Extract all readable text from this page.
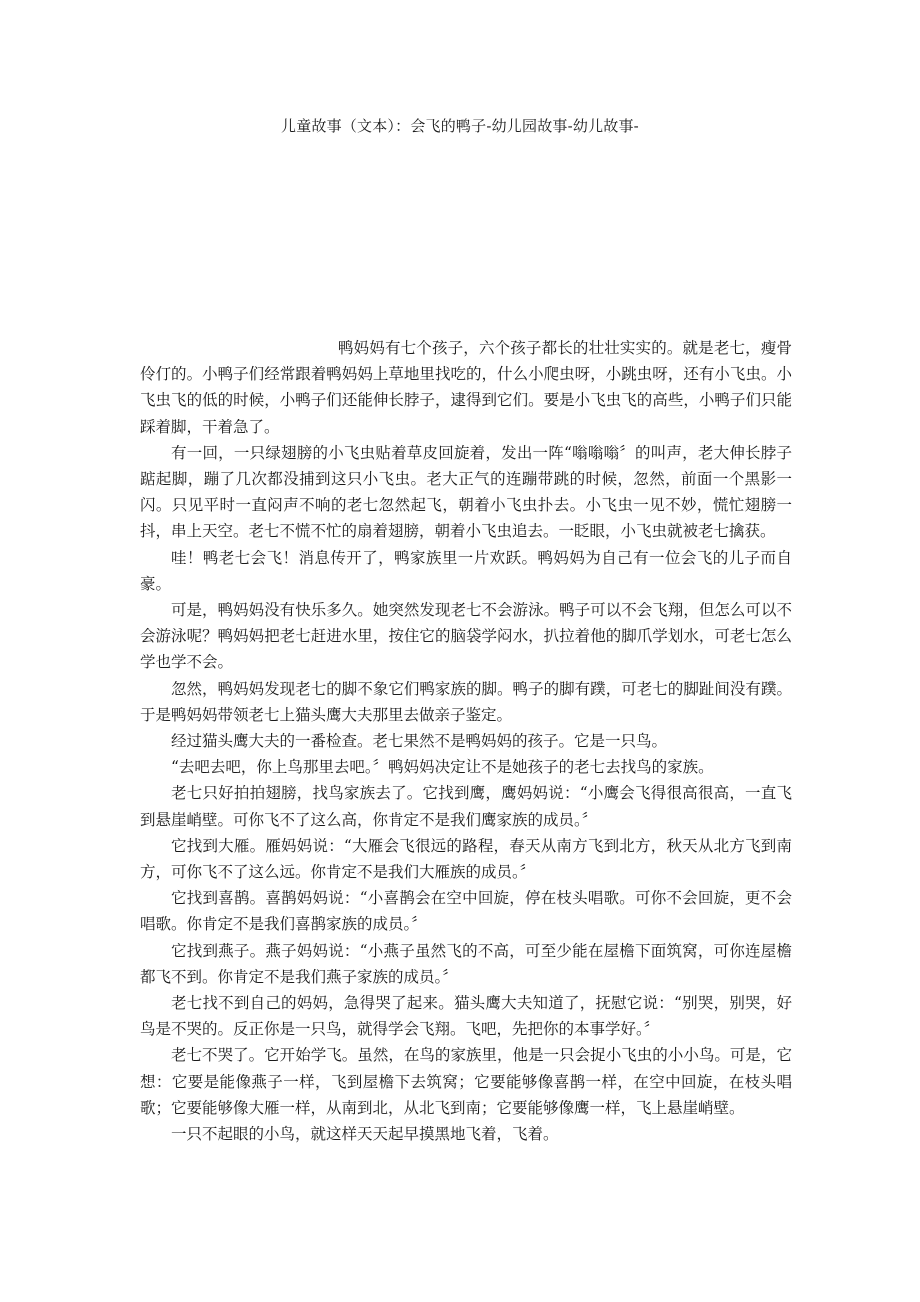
儿童故事（文本）：会飞的鸭子-幼儿园故事-幼儿故事-

鸭妈妈有七个孩子，六个孩子都长的壮壮实实的。就是老七，瘦骨伶仃的。小鸭子们经常跟着鸭妈妈上草地里找吃的，什么小爬虫呀，小跳虫呀，还有小飞虫。小飞虫飞的低的时候，小鸭子们还能伸长脖子，逮得到它们。要是小飞虫飞的高些，小鸭子们只能踩着脚，干着急了。

有一回，一只绿翅膀的小飞虫贴着草皮回旋着，发出一阵“嗡嗡嗡〞的叫声，老大伸长脖子踮起脚，蹦了几次都没捕到这只小飞虫。老大正气的连蹦带跳的时候，忽然，前面一个黑影一闪。只见平时一直闷声不响的老七忽然起飞，朝着小飞虫扑去。小飞虫一见不妙，慌忙翅膀一抖，串上天空。老七不慌不忙的扇着翅膀，朝着小飞虫追去。一眨眼，小飞虫就被老七擒获。

哇！鸭老七会飞！消息传开了，鸭家族里一片欢跃。鸭妈妈为自己有一位会飞的儿子而自豪。

可是，鸭妈妈没有快乐多久。她突然发现老七不会游泳。鸭子可以不会飞翔，但怎么可以不会游泳呢？鸭妈妈把老七赶进水里，按住它的脑袋学闷水，扒拉着他的脚爪学划水，可老七怎么学也学不会。

忽然，鸭妈妈发现老七的脚不象它们鸭家族的脚。鸭子的脚有蹼，可老七的脚趾间没有蹼。于是鸭妈妈带领老七上猫头鹰大夫那里去做亲子鉴定。

经过猫头鹰大夫的一番检查。老七果然不是鸭妈妈的孩子。它是一只鸟。

“去吧去吧，你上鸟那里去吧。〞鸭妈妈决定让不是她孩子的老七去找鸟的家族。

老七只好拍拍翅膀，找鸟家族去了。它找到鹰，鹰妈妈说：“小鹰会飞得很高很高，一直飞到悬崖峭壁。可你飞不了这么高，你肯定不是我们鹰家族的成员。〞

它找到大雁。雁妈妈说：“大雁会飞很远的路程，春天从南方飞到北方，秋天从北方飞到南方，可你飞不了这么远。你肯定不是我们大雁族的成员。〞

它找到喜鹊。喜鹊妈妈说：“小喜鹊会在空中回旋，停在枝头唱歌。可你不会回旋，更不会唱歌。你肯定不是我们喜鹊家族的成员。〞

它找到燕子。燕子妈妈说：“小燕子虽然飞的不高，可至少能在屋檐下面筑窝，可你连屋檐都飞不到。你肯定不是我们燕子家族的成员。〞

老七找不到自己的妈妈，急得哭了起来。猫头鹰大夫知道了，抚慰它说：“别哭，别哭，好鸟是不哭的。反正你是一只鸟，就得学会飞翔。飞吧，先把你的本事学好。〞

老七不哭了。它开始学飞。虽然，在鸟的家族里，他是一只会捉小飞虫的小小鸟。可是，它想：它要是能像燕子一样，飞到屋檐下去筑窝；它要能够像喜鹊一样，在空中回旋，在枝头唱歌；它要能够像大雁一样，从南到北，从北飞到南；它要能够像鹰一样，飞上悬崖峭壁。

一只不起眼的小鸟，就这样天天起早摸黑地飞着，飞着。
